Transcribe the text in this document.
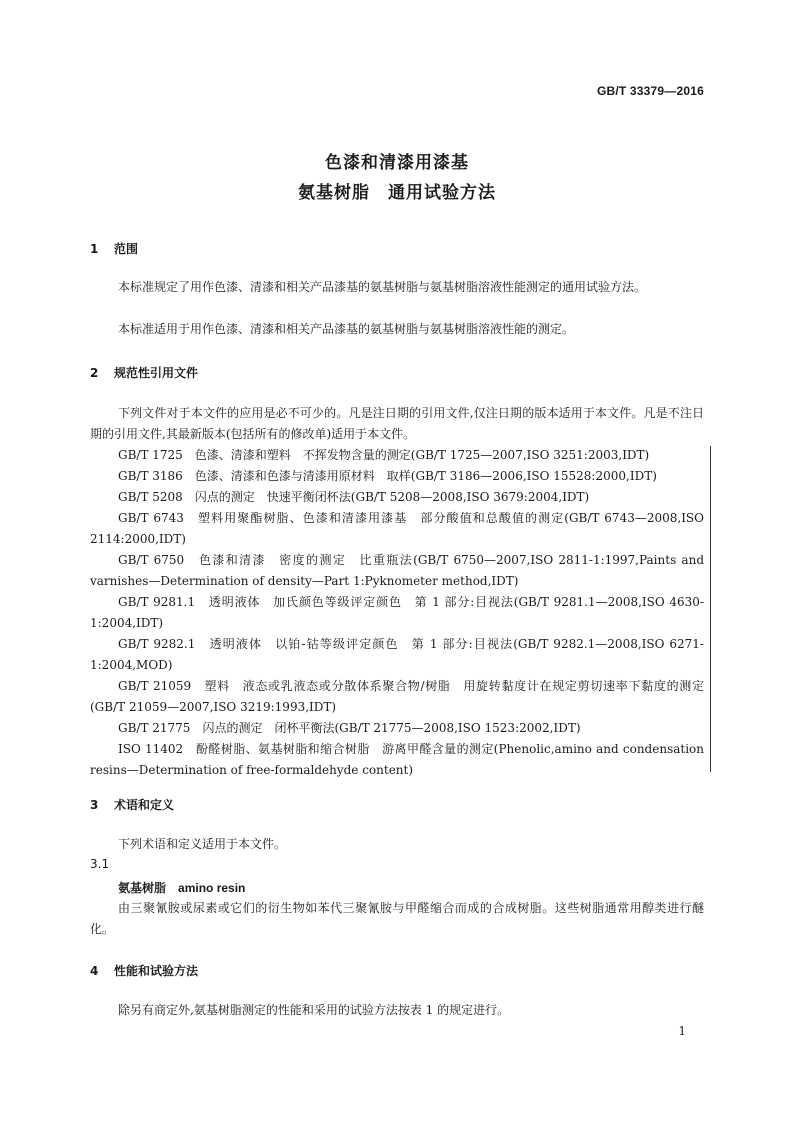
GB/T 33379—2016
色漆和清漆用漆基
氨基树脂 通用试验方法
1 范围

本标准规定了用作色漆、清漆和相关产品漆基的氨基树脂与氨基树脂溶液性能测定的通用试验方法。

本标准适用于用作色漆、清漆和相关产品漆基的氨基树脂与氨基树脂溶液性能的测定。

2 规范性引用文件

下列文件对于本文件的应用是必不可少的。凡是注日期的引用文件,仅注日期的版本适用于本文件。凡是不注日期的引用文件,其最新版本(包括所有的修改单)适用于本文件。

GB/T 1725　色漆、清漆和塑料　不挥发物含量的测定(GB/T 1725—2007,ISO 3251:2003,IDT)

GB/T 3186　色漆、清漆和色漆与清漆用原材料　取样(GB/T 3186—2006,ISO 15528:2000,IDT)

GB/T 5208　闪点的测定　快速平衡闭杯法(GB/T 5208—2008,ISO 3679:2004,IDT)

GB/T 6743　塑料用聚酯树脂、色漆和清漆用漆基　部分酸值和总酸值的测定(GB/T 6743—2008,ISO 2114:2000,IDT)

GB/T 6750　色漆和清漆　密度的测定　比重瓶法(GB/T 6750—2007,ISO 2811-1:1997,Paints and varnishes—Determination of density—Part 1:Pyknometer method,IDT)

GB/T 9281.1　透明液体　加氏颜色等级评定颜色　第 1 部分:目视法(GB/T 9281.1—2008,ISO 4630-1:2004,IDT)

GB/T 9282.1　透明液体　以铂-钴等级评定颜色　第 1 部分:目视法(GB/T 9282.1—2008,ISO 6271-1:2004,MOD)

GB/T 21059　塑料　液态或乳液态或分散体系聚合物/树脂　用旋转黏度计在规定剪切速率下黏度的测定(GB/T 21059—2007,ISO 3219:1993,IDT)

GB/T 21775　闪点的测定　闭杯平衡法(GB/T 21775—2008,ISO 1523:2002,IDT)

ISO 11402　酚醛树脂、氨基树脂和缩合树脂　游离甲醛含量的测定(Phenolic,amino and condensation resins—Determination of free-formaldehyde content)

3 术语和定义

下列术语和定义适用于本文件。

3.1
氨基树脂 amino resin

由三聚氰胺或尿素或它们的衍生物如苯代三聚氰胺与甲醛缩合而成的合成树脂。这些树脂通常用醇类进行醚化。

4 性能和试验方法

除另有商定外,氨基树脂测定的性能和采用的试验方法按表 1 的规定进行。

1
